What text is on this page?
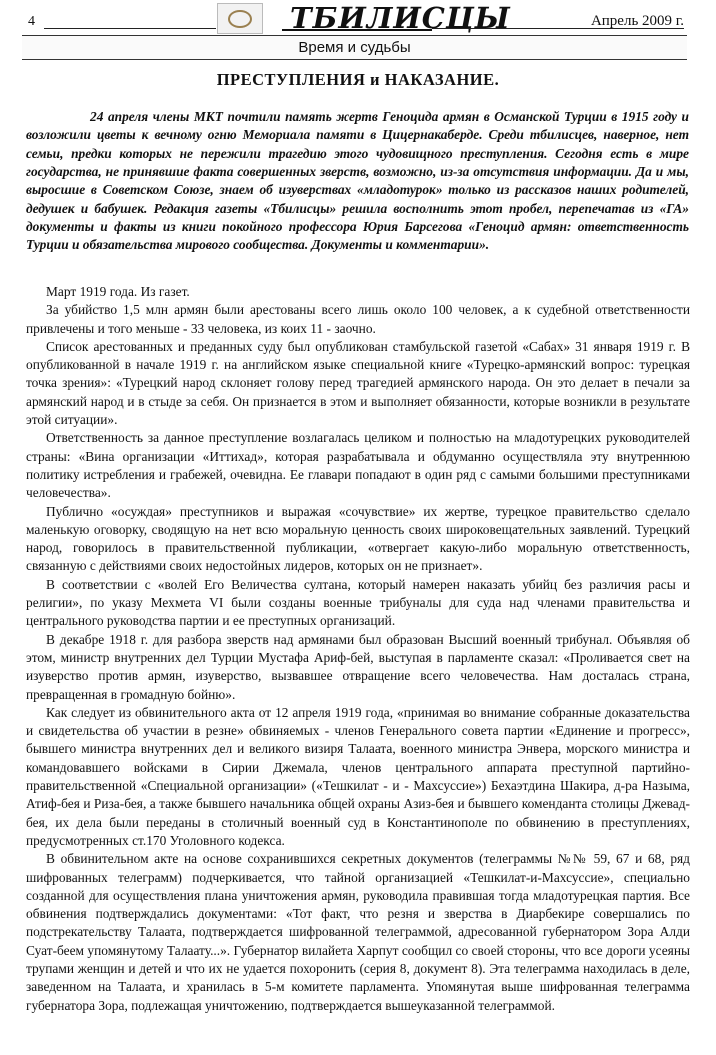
4	ТБИЛИСЦЫ	Апрель 2009 г.
Время и судьбы
ПРЕСТУПЛЕНИЯ и НАКАЗАНИЕ.

24 апреля члены МКТ почтили память жертв Геноцида армян в Османской Турции в 1915 году и возложили цветы к вечному огню Мемориала памяти в Цицернакаберде. Среди тбилисцев, наверное, нет семьи, предки которых не пережили трагедию этого чудовищного преступления. Сегодня есть в мире государства, не принявшие факта совершенных зверств, возможно, из-за отсутствия информации. Да и мы, выросшие в Советском Союзе, знаем об изуверствах «младотурок» только из рассказов наших родителей, дедушек и бабушек. Редакция газеты «Тбилисцы» решила восполнить этот пробел, перепечатав из «ГА» документы и факты из книги покойного профессора Юрия Барсегова «Геноцид армян: ответственность Турции и обязательства мирового сообщества. Документы и комментарии».

Март 1919 года. Из газет.

За убийство 1,5 млн армян были арестованы всего лишь около 100 человек, а к судебной ответственности привлечены и того меньше - 33 человека, из коих 11 - заочно.

Список арестованных и преданных суду был опубликован стамбульской газетой «Сабах» 31 января 1919 г. В опубликованной в начале 1919 г. на английском языке специальной книге «Турецко-армянский вопрос: турецкая точка зрения»: «Турецкий народ склоняет голову перед трагедией армянского народа. Он это делает в печали за армянский народ и в стыде за себя. Он признается в этом и выполняет обязанности, которые возникли в результате этой ситуации».

Ответственность за данное преступление возлагалась целиком и полностью на младотурецких руководителей страны: «Вина организации «Иттихад», которая разрабатывала и обдуманно осуществляла эту внутреннюю политику истребления и грабежей, очевидна. Ее главари попадают в один ряд с самыми большими преступниками человечества».

Публично «осуждая» преступников и выражая «сочувствие» их жертве, турецкое правительство сделало маленькую оговорку, сводящую на нет всю моральную ценность своих широковещательных заявлений. Турецкий народ, говорилось в правительственной публикации, «отвергает какую-либо моральную ответственность, связанную с действиями своих недостойных лидеров, которых он не признает».

В соответствии с «волей Его Величества султана, который намерен наказать убийц без различия расы и религии», по указу Мехмета VI были созданы военные трибуналы для суда над членами правительства и центрального руководства партии и ее преступных организаций.

В декабре 1918 г. для разбора зверств над армянами был образован Высший военный трибунал. Объявляя об этом, министр внутренних дел Турции Мустафа Ариф-бей, выступая в парламенте сказал: «Проливается свет на изуверство против армян, изуверство, вызвавшее отвращение всего человечества. Нам досталась страна, превращенная в громадную бойню».

Как следует из обвинительного акта от 12 апреля 1919 года, «принимая во внимание собранные доказательства и свидетельства об участии в резне» обвиняемых - членов Генерального совета партии «Единение и прогресс», бывшего министра внутренних дел и великого визиря Талаата, военного министра Энвера, морского министра и командовавшего войсками в Сирии Джемала, членов центрального аппарата преступной партийно-правительственной «Специальной организации» («Тешкилат - и - Махсуссие») Бехаэтдина Шакира, д-ра Назыма, Атиф-бея и Риза-бея, а также бывшего начальника общей охраны Азиз-бея и бывшего коменданта столицы Джевад-бея, их дела были переданы в столичный военный суд в Константинополе по обвинению в преступлениях, предусмотренных ст.170 Уголовного кодекса.

В обвинительном акте на основе сохранившихся секретных документов (телеграммы №№ 59, 67 и 68, ряд шифрованных телеграмм) подчеркивается, что тайной организацией «Тешкилат-и-Махсуссие», специально созданной для осуществления плана уничтожения армян, руководила правившая тогда младотурецкая партия. Все обвинения подтверждались документами: «Тот факт, что резня и зверства в Диарбекире совершались по подстрекательству Талаата, подтверждается шифрованной телеграммой, адресованной губернатором Зора Алди Суат-беем упомянутому Талаату...». Губернатор вилайета Харпут сообщил со своей стороны, что все дороги усеяны трупами женщин и детей и что их не удается похоронить (серия 8, документ 8). Эта телеграмма находилась в деле, заведенном на Талаата, и хранилась в 5-м комитете парламента. Упомянутая выше шифрованная телеграмма губернатора Зора, подлежащая уничтожению, подтверждается вышеуказанной телеграммой.
